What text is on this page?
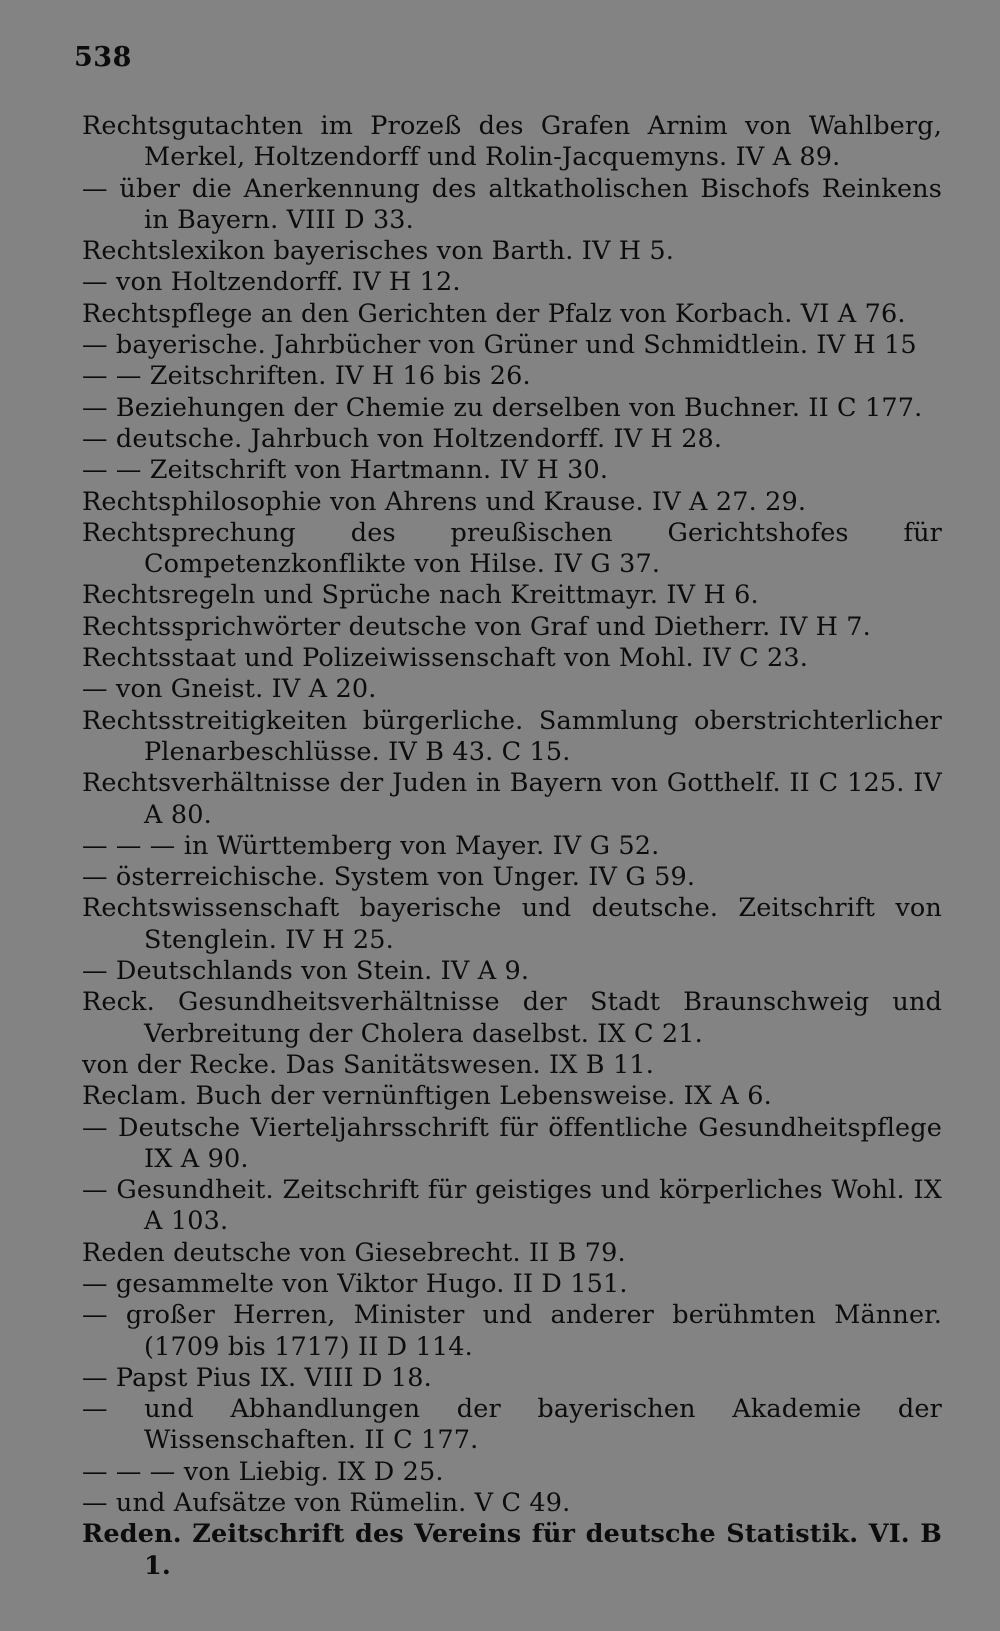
538
Rechtsgutachten im Prozeß des Grafen Arnim von Wahlberg, Merkel, Holtzendorff und Rolin-Jacquemyns. IV A 89.
— über die Anerkennung des altkatholischen Bischofs Reinkens in Bayern. VIII D 33.
Rechtslexikon bayerisches von Barth. IV H 5.
— von Holtzendorff. IV H 12.
Rechtspflege an den Gerichten der Pfalz von Korbach. VI A 76.
— bayerische. Jahrbücher von Grüner und Schmidtlein. IV H 15
— — Zeitschriften. IV H 16 bis 26.
— Beziehungen der Chemie zu derselben von Buchner. II C 177.
— deutsche. Jahrbuch von Holtzendorff. IV H 28.
— — Zeitschrift von Hartmann. IV H 30.
Rechtsphilosophie von Ahrens und Krause. IV A 27. 29.
Rechtsprechung des preußischen Gerichtshofes für Competenzkonflikte von Hilse. IV G 37.
Rechtsregeln und Sprüche nach Kreittmayr. IV H 6.
Rechtssprichwörter deutsche von Graf und Dietherr. IV H 7.
Rechtsstaat und Polizeiwissenschaft von Mohl. IV C 23.
— von Gneist. IV A 20.
Rechtsstreitigkeiten bürgerliche. Sammlung oberstrichterlicher Plenarbeschlüsse. IV B 43. C 15.
Rechtsverhältnisse der Juden in Bayern von Gotthelf. II C 125. IV A 80.
— — — in Württemberg von Mayer. IV G 52.
— österreichische. System von Unger. IV G 59.
Rechtswissenschaft bayerische und deutsche. Zeitschrift von Stenglein. IV H 25.
— Deutschlands von Stein. IV A 9.
Reck. Gesundheitsverhältnisse der Stadt Braunschweig und Verbreitung der Cholera daselbst. IX C 21.
von der Recke. Das Sanitätswesen. IX B 11.
Reclam. Buch der vernünftigen Lebensweise. IX A 6.
— Deutsche Vierteljahrsschrift für öffentliche Gesundheitspflege IX A 90.
— Gesundheit. Zeitschrift für geistiges und körperliches Wohl. IX A 103.
Reden deutsche von Giesebrecht. II B 79.
— gesammelte von Viktor Hugo. II D 151.
— großer Herren, Minister und anderer berühmten Männer. (1709 bis 1717) II D 114.
— Papst Pius IX. VIII D 18.
— und Abhandlungen der bayerischen Akademie der Wissenschaften. II C 177.
— — — von Liebig. IX D 25.
— und Aufsätze von Rümelin. V C 49.
Reden. Zeitschrift des Vereins für deutsche Statistik. VI. B 1.
